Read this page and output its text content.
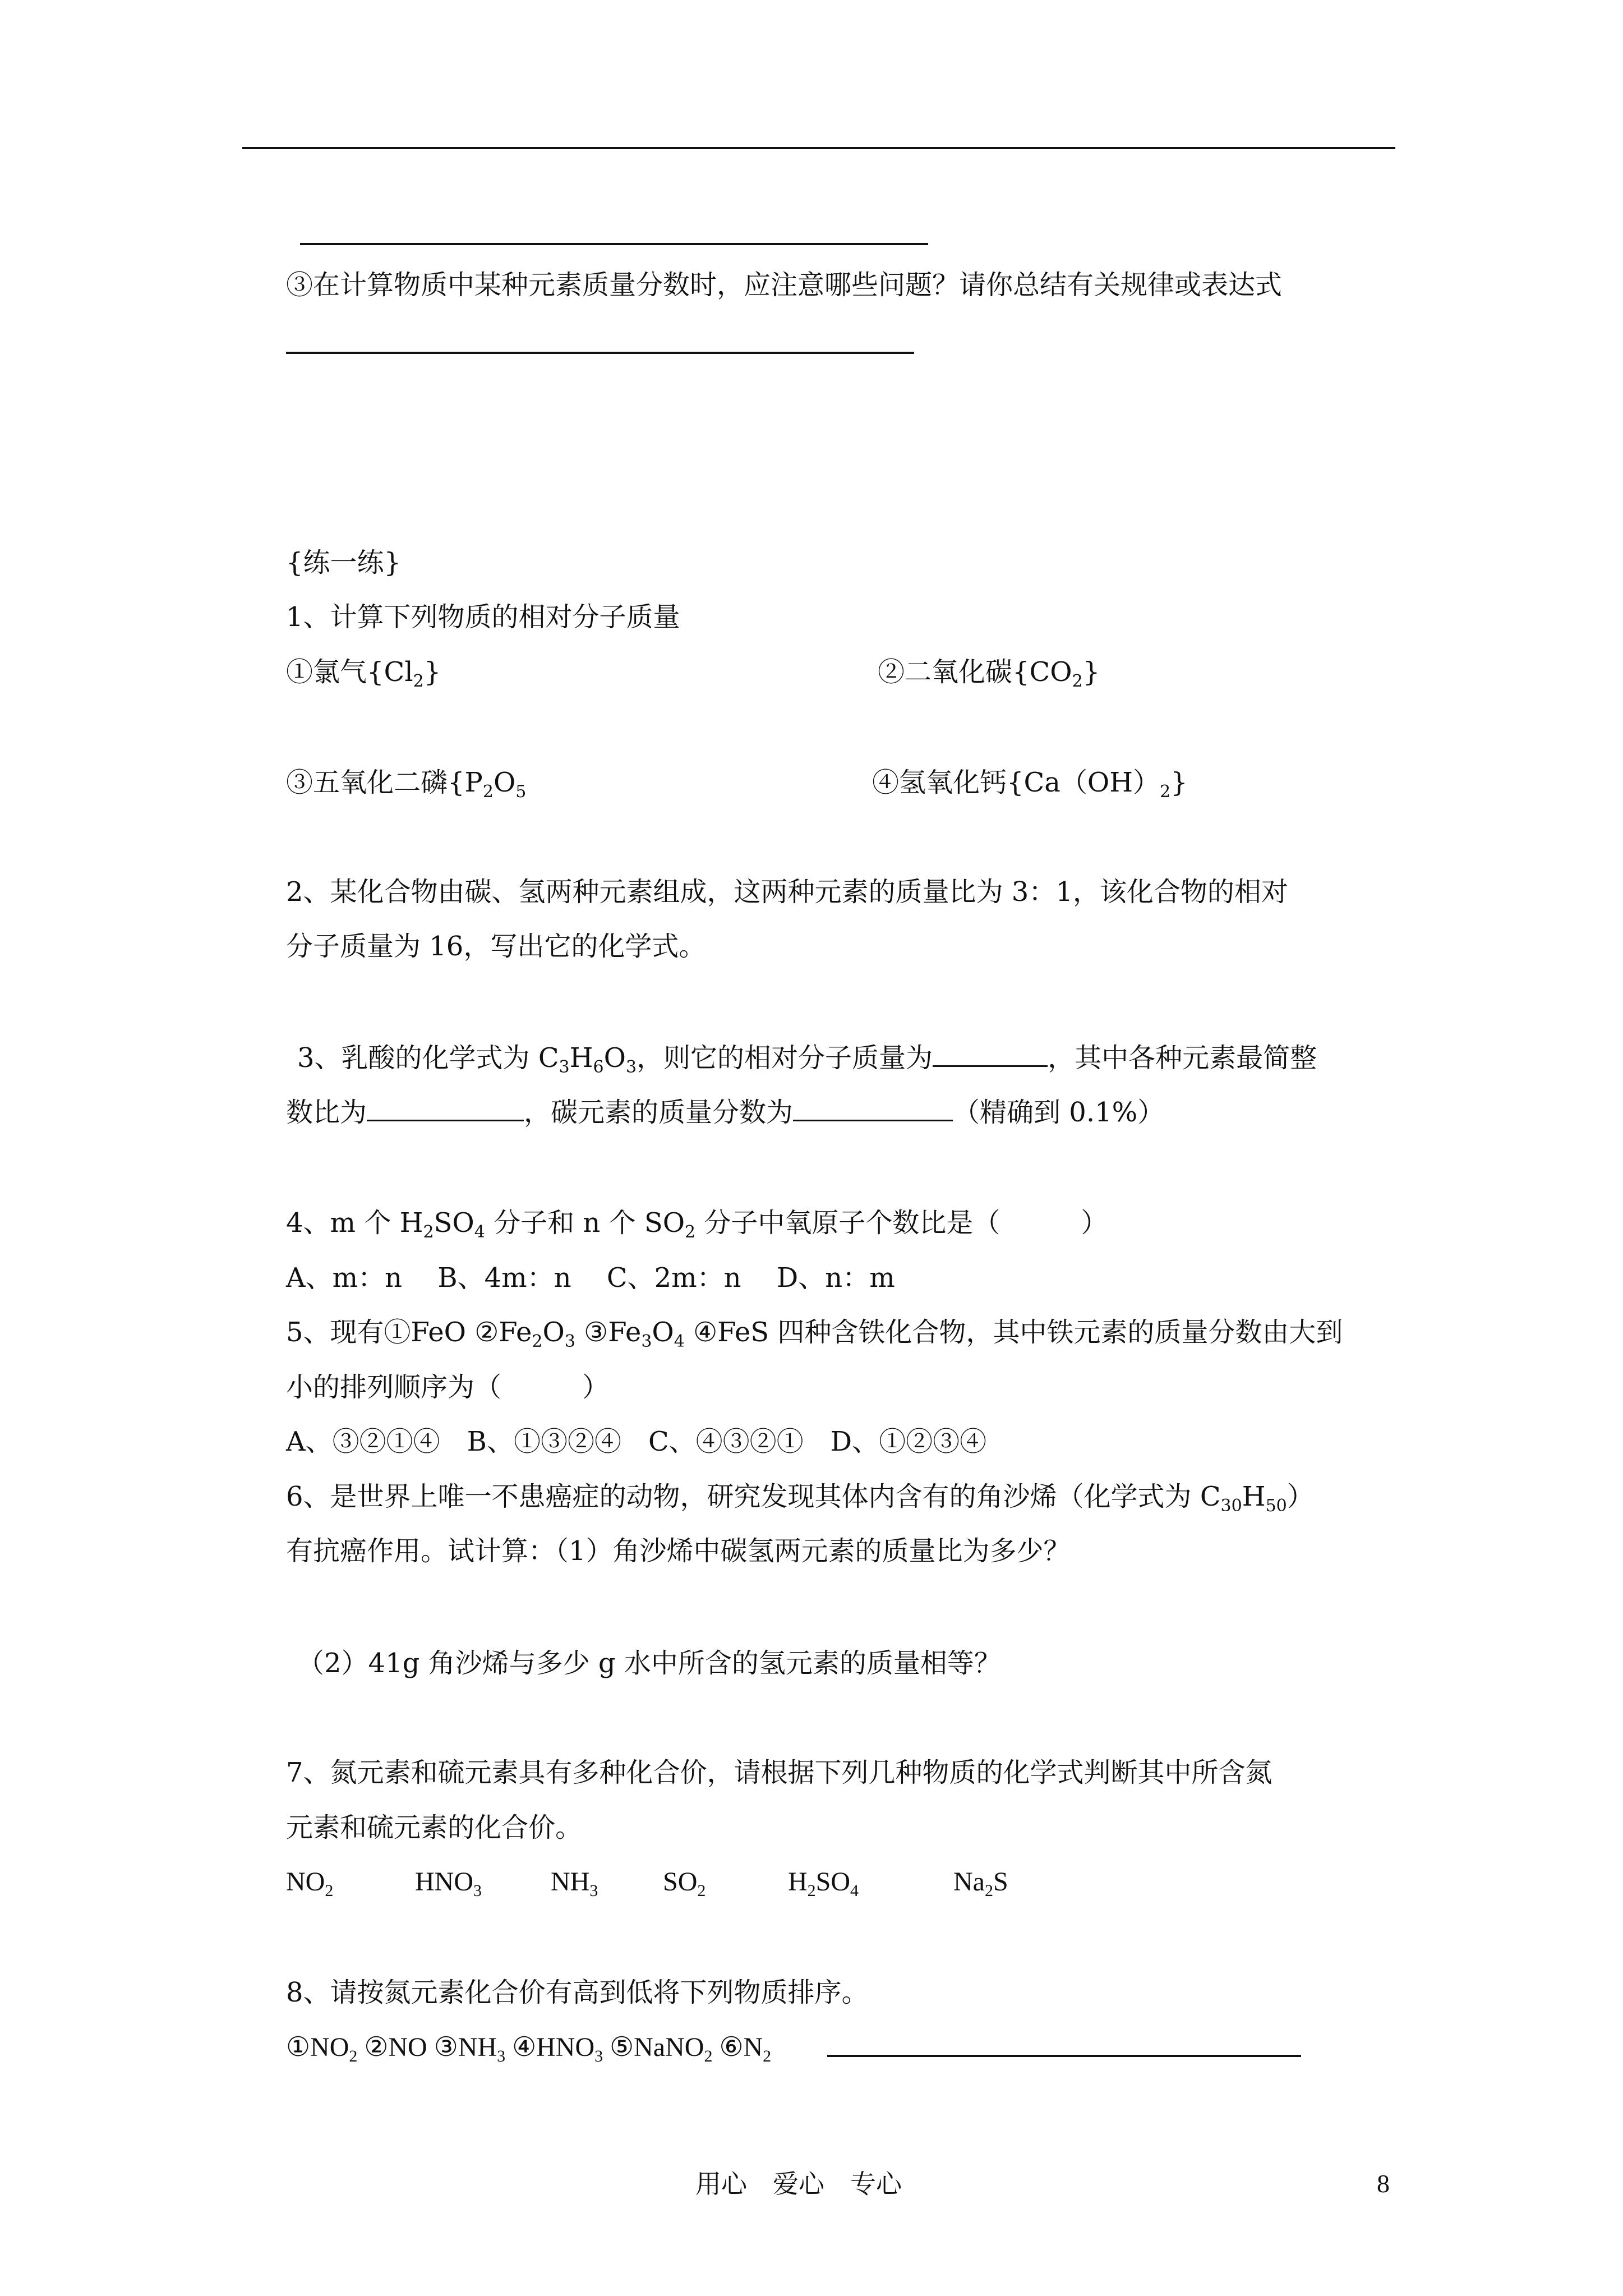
③在计算物质中某种元素质量分数时，应注意哪些问题？请你总结有关规律或表达式
{练一练}
1、计算下列物质的相对分子质量
①氯气$\{Cl_2\}$	②二氧化碳$\{CO_2\}$
③五氧化二磷{$P_2O_5$	④氢氧化钙$\{Ca(OH)_2\}$
2、某化合物由碳、氢两种元素组成，这两种元素的质量比为 3：1，该化合物的相对
分子质量为 16，写出它的化学式。
3、乳酸的化学式为 $C_3H_6O_3$，则它的相对分子质量为	，其中各种元素最简整
数比为	，碳元素的质量分数为	（精确到 0.1%）
4、m 个 $H_2SO_4$ 分子和 n 个 $SO_2$ 分子中氧原子个数比是（　　　）
A、m：n　 B、4m：n　 C、2m：n　 D、n：m
5、现有①FeO $②Fe_2O_3$ $③Fe_3O_4$ ④FeS 四种含铁化合物，其中铁元素的质量分数由大到
小的排列顺序为（　　　）
A、③②①④　B、①③②④　C、④③②①　D、①②③④
6、是世界上唯一不患癌症的动物，研究发现其体内含有的角沙烯（化学式为 $C_{30}H_{50}$）
有抗癌作用。试计算：（1）角沙烯中碳氢两元素的质量比为多少？
（2）41g 角沙烯与多少 g 水中所含的氢元素的质量相等？
7、氮元素和硫元素具有多种化合价，请根据下列几种物质的化学式判断其中所含氮
元素和硫元素的化合价。
$NO_2$	$HNO_3$	$NH_3$ $SO_2$	$H_2SO_4$	$Na_2S$
8、请按氮元素化合价有高到低将下列物质排序。
$①NO_2$ ②NO $③NH_3$ $④HNO_3$ ⑤NaNO$_2$ $⑥N_2$
用心　爱心　专心	8
